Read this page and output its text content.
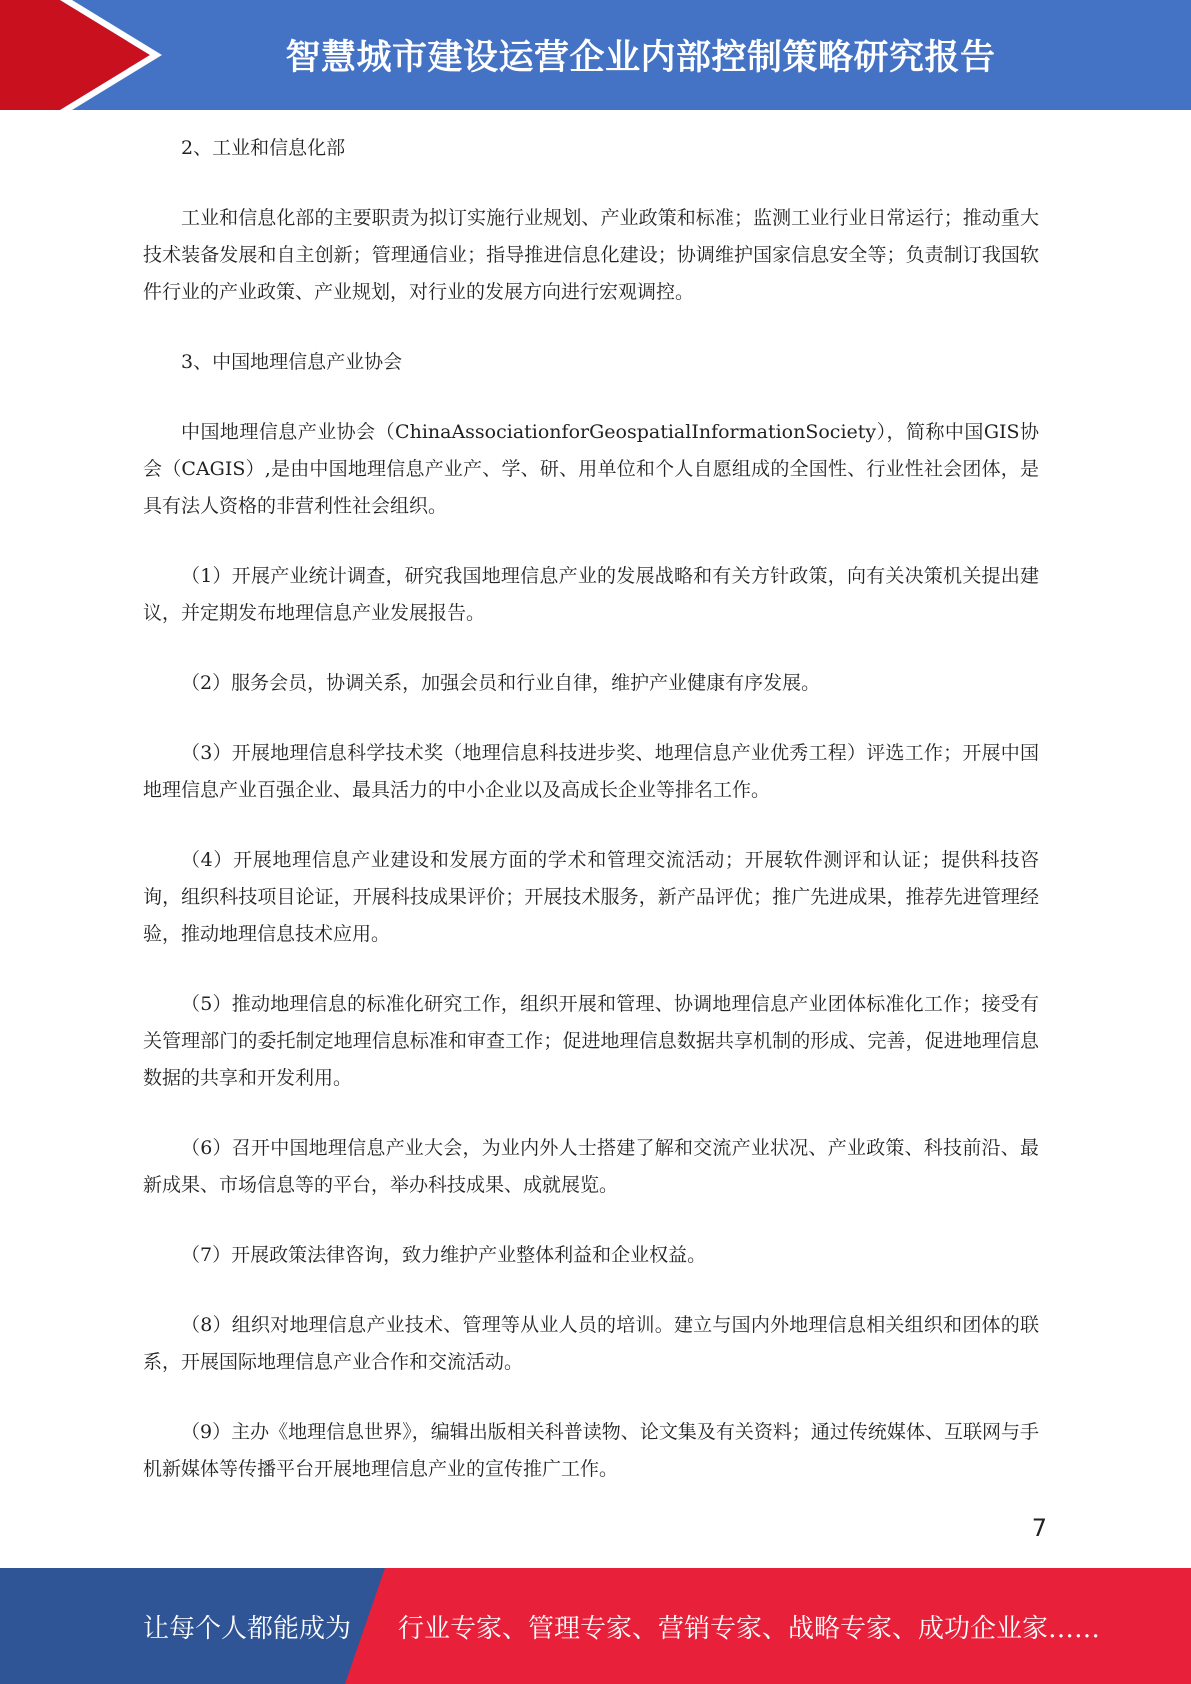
智慧城市建设运营企业内部控制策略研究报告

2、工业和信息化部

工业和信息化部的主要职责为拟订实施行业规划、产业政策和标准；监测工业行业日常运行；推动重大技术装备发展和自主创新；管理通信业；指导推进信息化建设；协调维护国家信息安全等；负责制订我国软件行业的产业政策、产业规划，对行业的发展方向进行宏观调控。

3、中国地理信息产业协会

中国地理信息产业协会（ChinaAssociationforGeospatialInformationSociety），简称中国GIS协会（CAGIS）,是由中国地理信息产业产、学、研、用单位和个人自愿组成的全国性、行业性社会团体，是具有法人资格的非营利性社会组织。

（1）开展产业统计调查，研究我国地理信息产业的发展战略和有关方针政策，向有关决策机关提出建议，并定期发布地理信息产业发展报告。

（2）服务会员，协调关系，加强会员和行业自律，维护产业健康有序发展。

（3）开展地理信息科学技术奖（地理信息科技进步奖、地理信息产业优秀工程）评选工作；开展中国地理信息产业百强企业、最具活力的中小企业以及高成长企业等排名工作。

（4）开展地理信息产业建设和发展方面的学术和管理交流活动；开展软件测评和认证；提供科技咨询，组织科技项目论证，开展科技成果评价；开展技术服务，新产品评优；推广先进成果，推荐先进管理经验，推动地理信息技术应用。

（5）推动地理信息的标准化研究工作，组织开展和管理、协调地理信息产业团体标准化工作；接受有关管理部门的委托制定地理信息标准和审查工作；促进地理信息数据共享机制的形成、完善，促进地理信息数据的共享和开发利用。

（6）召开中国地理信息产业大会，为业内外人士搭建了解和交流产业状况、产业政策、科技前沿、最新成果、市场信息等的平台，举办科技成果、成就展览。

（7）开展政策法律咨询，致力维护产业整体利益和企业权益。

（8）组织对地理信息产业技术、管理等从业人员的培训。建立与国内外地理信息相关组织和团体的联系，开展国际地理信息产业合作和交流活动。

（9）主办《地理信息世界》，编辑出版相关科普读物、论文集及有关资料；通过传统媒体、互联网与手机新媒体等传播平台开展地理信息产业的宣传推广工作。

7
让每个人都能成为 行业专家、管理专家、营销专家、战略专家、成功企业家……
